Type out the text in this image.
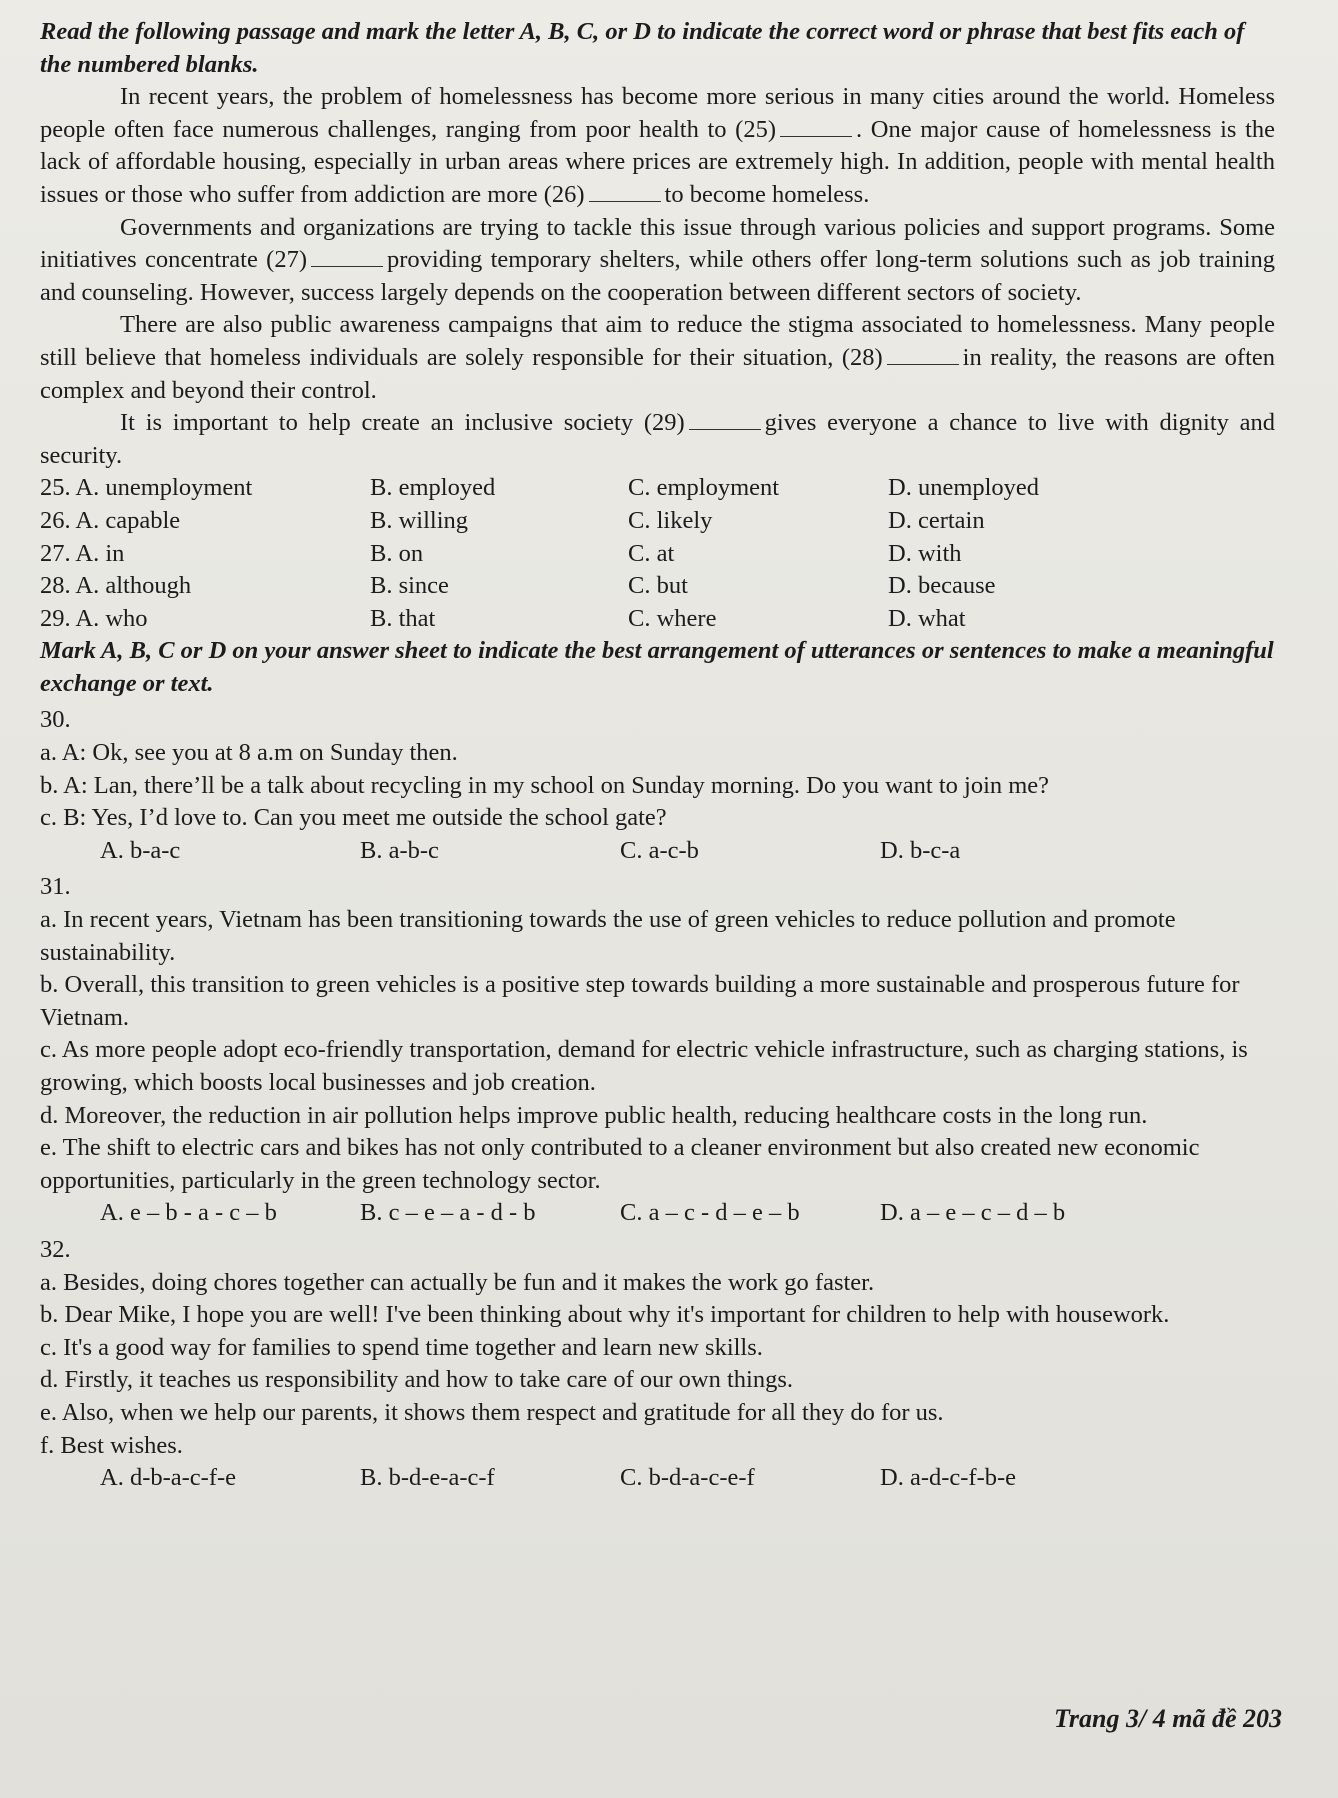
Read the following passage and mark the letter A, B, C, or D to indicate the correct word or phrase that best fits each of the numbered blanks.

In recent years, the problem of homelessness has become more serious in many cities around the world. Homeless people often face numerous challenges, ranging from poor health to (25)	. One major cause of homelessness is the lack of affordable housing, especially in urban areas where prices are extremely high. In addition, people with mental health issues or those who suffer from addiction are more (26)	to become homeless.

Governments and organizations are trying to tackle this issue through various policies and support programs. Some initiatives concentrate (27)	providing temporary shelters, while others offer long-term solutions such as job training and counseling. However, success largely depends on the cooperation between different sectors of society.

There are also public awareness campaigns that aim to reduce the stigma associated to homelessness. Many people still believe that homeless individuals are solely responsible for their situation, (28)	in reality, the reasons are often complex and beyond their control.

It is important to help create an inclusive society (29)	gives everyone a chance to live with dignity and security.

25. A. unemployment	B. employed	C. employment	D. unemployed
26. A. capable	B. willing	C. likely	D. certain
27. A. in	B. on	C. at	D. with
28. A. although	B. since	C. but	D. because
29. A. who	B. that	C. where	D. what

Mark A, B, C or D on your answer sheet to indicate the best arrangement of utterances or sentences to make a meaningful exchange or text.

30.

a. A: Ok, see you at 8 a.m on Sunday then.

b. A: Lan, there’ll be a talk about recycling in my school on Sunday morning. Do you want to join me?

c. B: Yes, I’d love to. Can you meet me outside the school gate?

A. b-a-c	B. a-b-c	C. a-c-b	D. b-c-a

31.

a. In recent years, Vietnam has been transitioning towards the use of green vehicles to reduce pollution and promote sustainability.

b. Overall, this transition to green vehicles is a positive step towards building a more sustainable and prosperous future for Vietnam.

c. As more people adopt eco-friendly transportation, demand for electric vehicle infrastructure, such as charging stations, is growing, which boosts local businesses and job creation.

d. Moreover, the reduction in air pollution helps improve public health, reducing healthcare costs in the long run.

e. The shift to electric cars and bikes has not only contributed to a cleaner environment but also created new economic opportunities, particularly in the green technology sector.

A. e – b - a - c – b	B. c – e – a - d - b	C. a – c - d – e – b	D. a – e – c – d – b

32.

a. Besides, doing chores together can actually be fun and it makes the work go faster.

b. Dear Mike, I hope you are well! I've been thinking about why it's important for children to help with housework.

c. It's a good way for families to spend time together and learn new skills.

d. Firstly, it teaches us responsibility and how to take care of our own things.

e. Also, when we help our parents, it shows them respect and gratitude for all they do for us.

f. Best wishes.

A. d-b-a-c-f-e	B. b-d-e-a-c-f	C. b-d-a-c-e-f	D. a-d-c-f-b-e
Trang 3/ 4 mã đề 203
